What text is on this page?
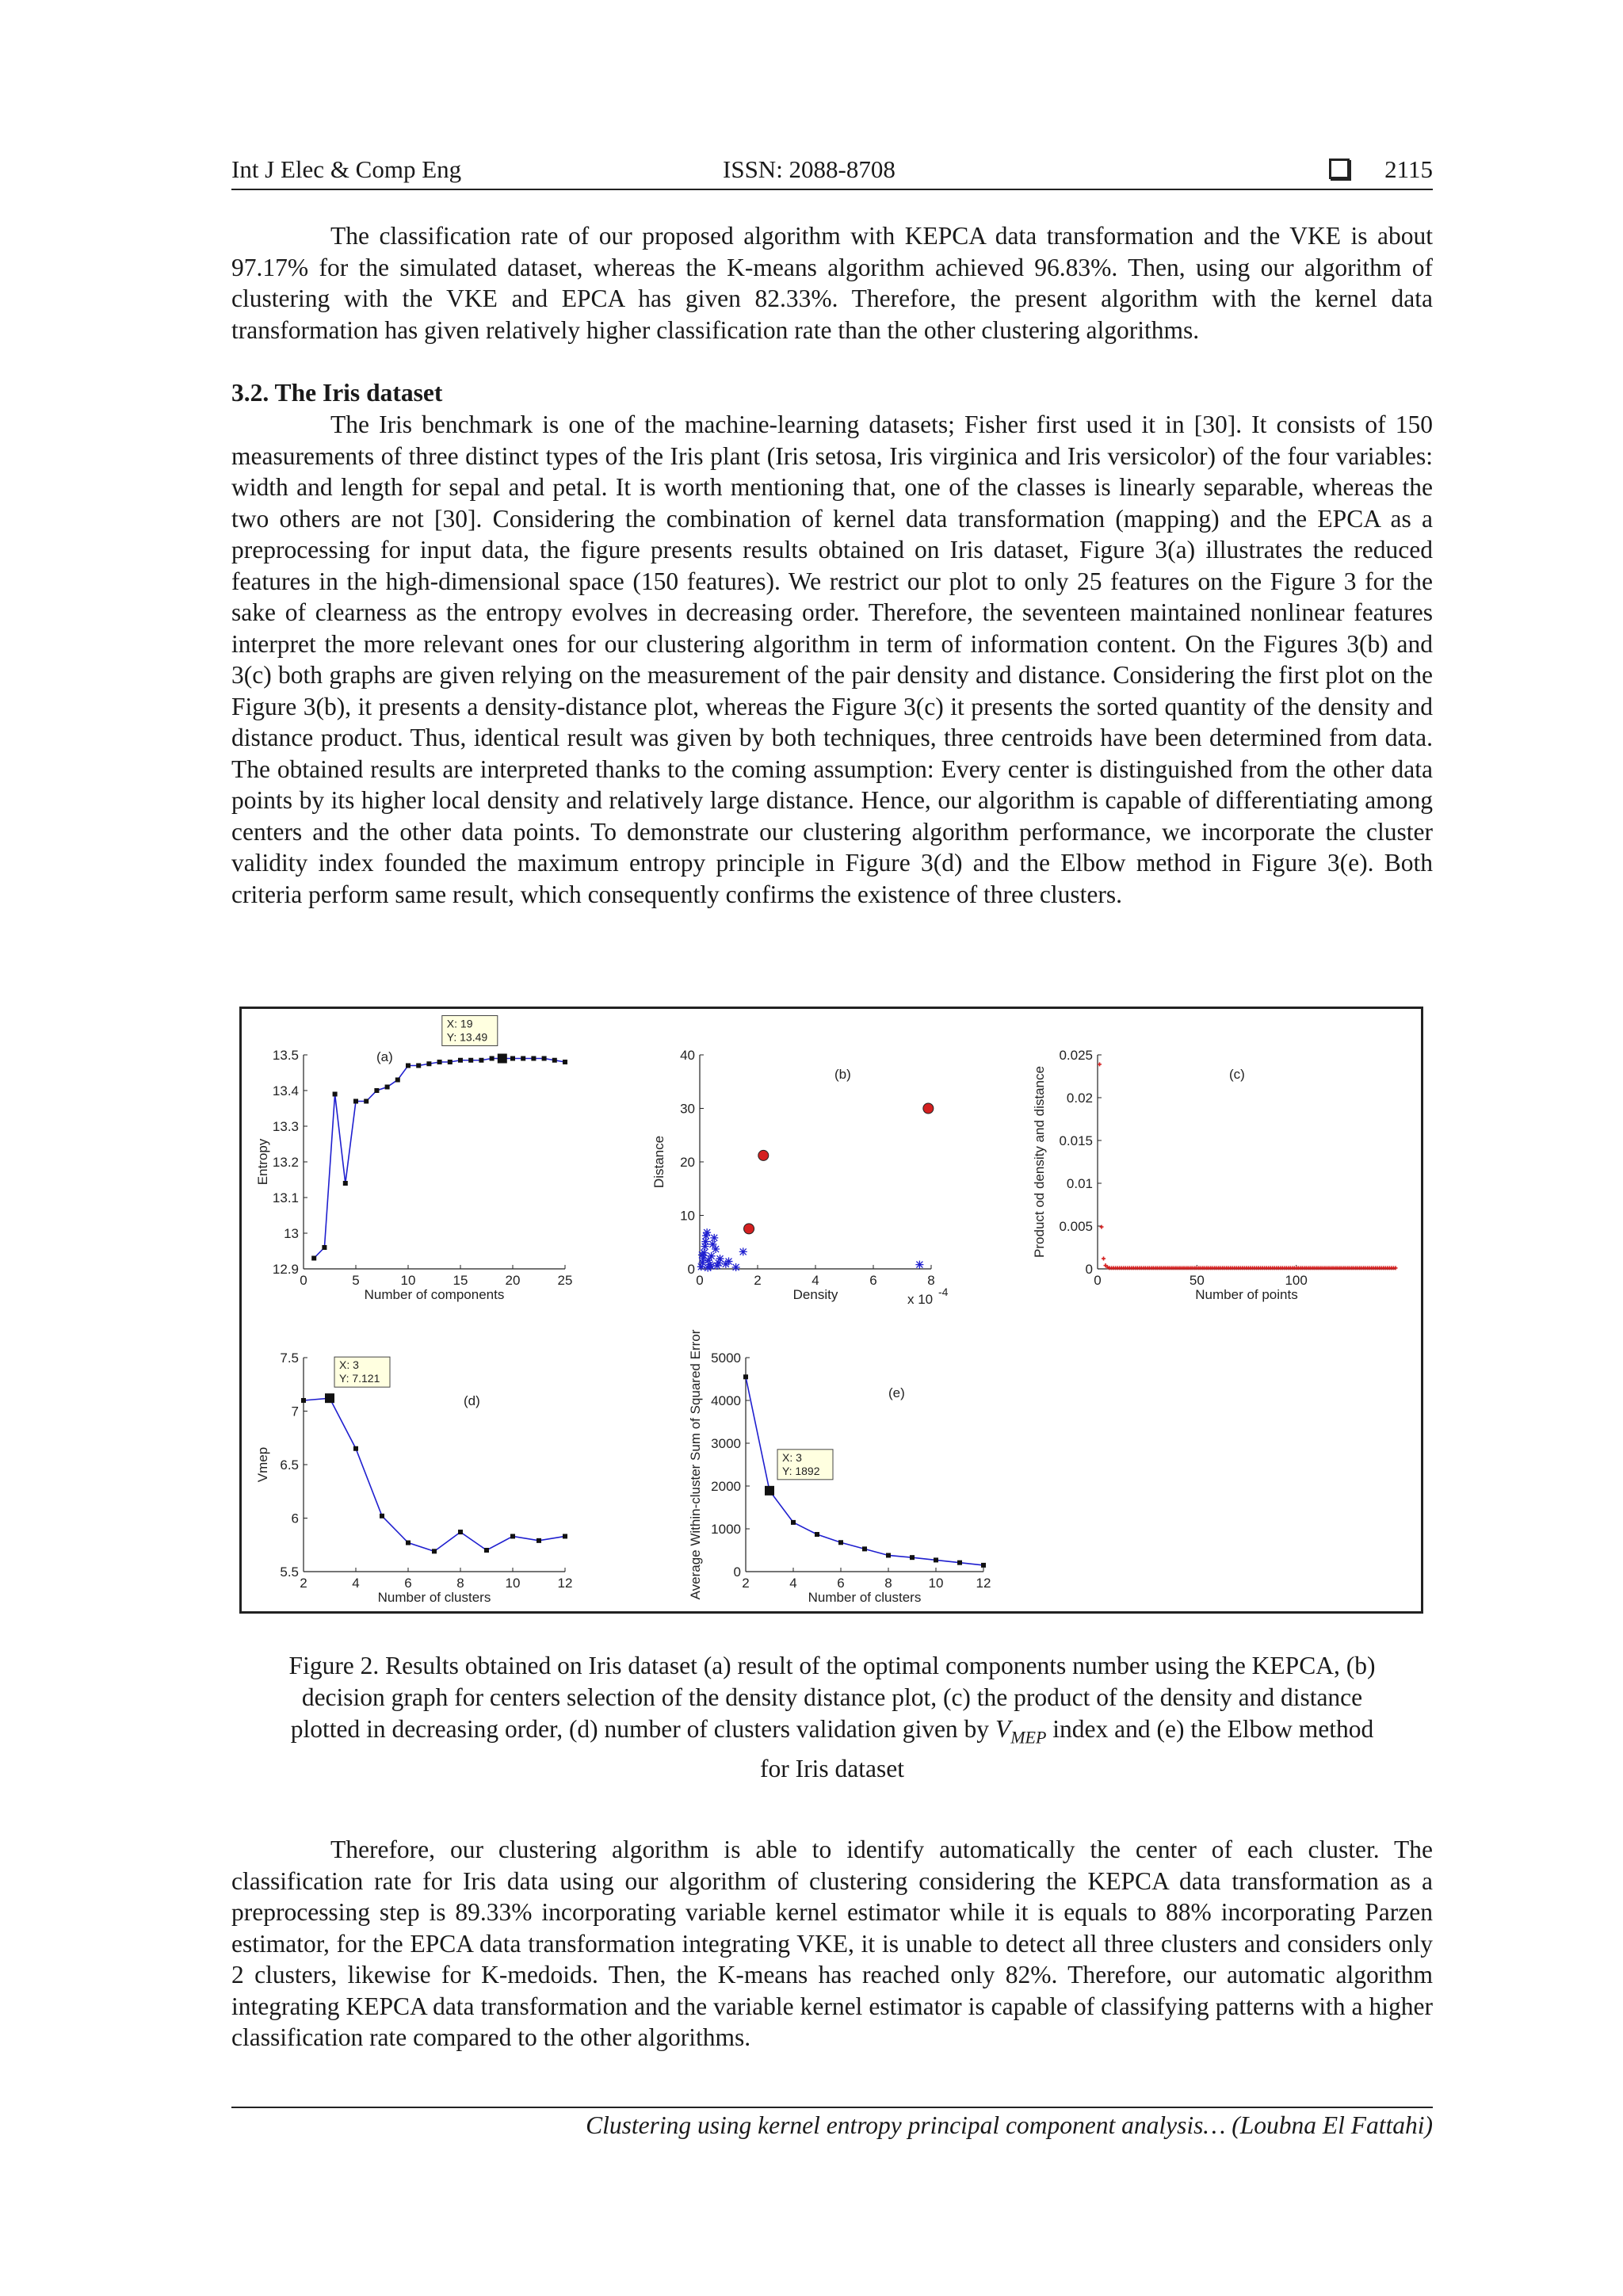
Int J Elec & Comp Eng	ISSN: 2088-8708	2115

The classification rate of our proposed algorithm with KEPCA data transformation and the VKE is about 97.17% for the simulated dataset, whereas the K-means algorithm achieved 96.83%. Then, using our algorithm of clustering with the VKE and EPCA has given 82.33%. Therefore, the present algorithm with the kernel data transformation has given relatively higher classification rate than the other clustering algorithms.

3.2. The Iris dataset

The Iris benchmark is one of the machine-learning datasets; Fisher first used it in [30]. It consists of 150 measurements of three distinct types of the Iris plant (Iris setosa, Iris virginica and Iris versicolor) of the four variables: width and length for sepal and petal. It is worth mentioning that, one of the classes is linearly separable, whereas the two others are not [30]. Considering the combination of kernel data transformation (mapping) and the EPCA as a preprocessing for input data, the figure presents results obtained on Iris dataset, Figure 3(a) illustrates the reduced features in the high-dimensional space (150 features). We restrict our plot to only 25 features on the Figure 3 for the sake of clearness as the entropy evolves in decreasing order. Therefore, the seventeen maintained nonlinear features interpret the more relevant ones for our clustering algorithm in term of information content. On the Figures 3(b) and 3(c) both graphs are given relying on the measurement of the pair density and distance. Considering the first plot on the Figure 3(b), it presents a density-distance plot, whereas the Figure 3(c) it presents the sorted quantity of the density and distance product. Thus, identical result was given by both techniques, three centroids have been determined from data. The obtained results are interpreted thanks to the coming assumption: Every center is distinguished from the other data points by its higher local density and relatively large distance. Hence, our algorithm is capable of differentiating among centers and the other data points. To demonstrate our clustering algorithm performance, we incorporate the cluster validity index founded the maximum entropy principle in Figure 3(d) and the Elbow method in Figure 3(e). Both criteria perform same result, which consequently confirms the existence of three clusters.

0	5	10	15	20	25
12.9
13
13.1
13.2
13.3
13.4
13.5
Number of components
Entropy
(a)
X: 19
Y: 13.49
0	2	4	6	8
0
10
20
30
40
Density
Distance
(b)
x 10 -4
0	50	100
0
0.005
0.01
0.015
0.02
0.025
Number of points
Product od density and distance	(c)
2	4	6	8	10	12
5.5
6
6.5
7
7.5
Number of clusters
Vmep
(d)
X: 3
Y: 7.121
2	4	6	8	10 12
0
1000
2000
3000
4000
5000
Number of clusters
Average Within-cluster Sum of Squared Error	(e)
X: 3
Y: 1892
Figure 2. Results obtained on Iris dataset (a) result of the optimal components number using the KEPCA, (b)
decision graph for centers selection of the density distance plot, (c) the product of the density and distance
plotted in decreasing order, (d) number of clusters validation given by $V_{MEP}$ index and (e) the Elbow method
for Iris dataset

Therefore, our clustering algorithm is able to identify automatically the center of each cluster. The classification rate for Iris data using our algorithm of clustering considering the KEPCA data transformation as a preprocessing step is 89.33% incorporating variable kernel estimator while it is equals to 88% incorporating Parzen estimator, for the EPCA data transformation integrating VKE, it is unable to detect all three clusters and considers only 2 clusters, likewise for K-medoids. Then, the K-means has reached only 82%. Therefore, our automatic algorithm integrating KEPCA data transformation and the variable kernel estimator is capable of classifying patterns with a higher classification rate compared to the other algorithms.

Clustering using kernel entropy principal component analysis… (Loubna El Fattahi)
